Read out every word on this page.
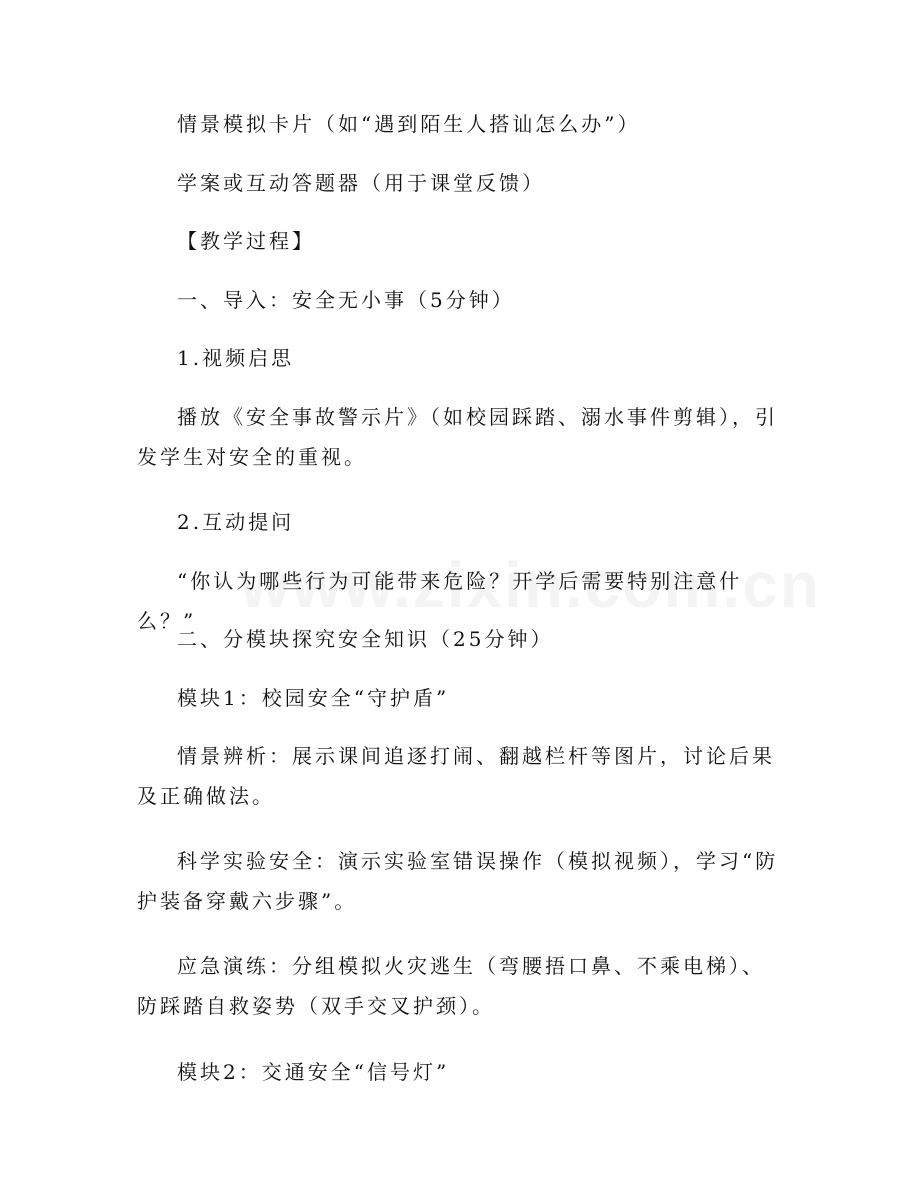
情景模拟卡片（如“遇到陌生人搭讪怎么办”）

学案或互动答题器（用于课堂反馈）

【教学过程】

一、导入：安全无小事（5分钟）

1.视频启思

播放《安全事故警示片》（如校园踩踏、溺水事件剪辑），引发学生对安全的重视。

2.互动提问

“你认为哪些行为可能带来危险？开学后需要特别注意什么？”

二、分模块探究安全知识（25分钟）

模块1：校园安全“守护盾”

情景辨析：展示课间追逐打闹、翻越栏杆等图片，讨论后果及正确做法。

科学实验安全：演示实验室错误操作（模拟视频），学习“防护装备穿戴六步骤”。

应急演练：分组模拟火灾逃生（弯腰捂口鼻、不乘电梯）、防踩踏自救姿势（双手交叉护颈）。

模块2：交通安全“信号灯”
